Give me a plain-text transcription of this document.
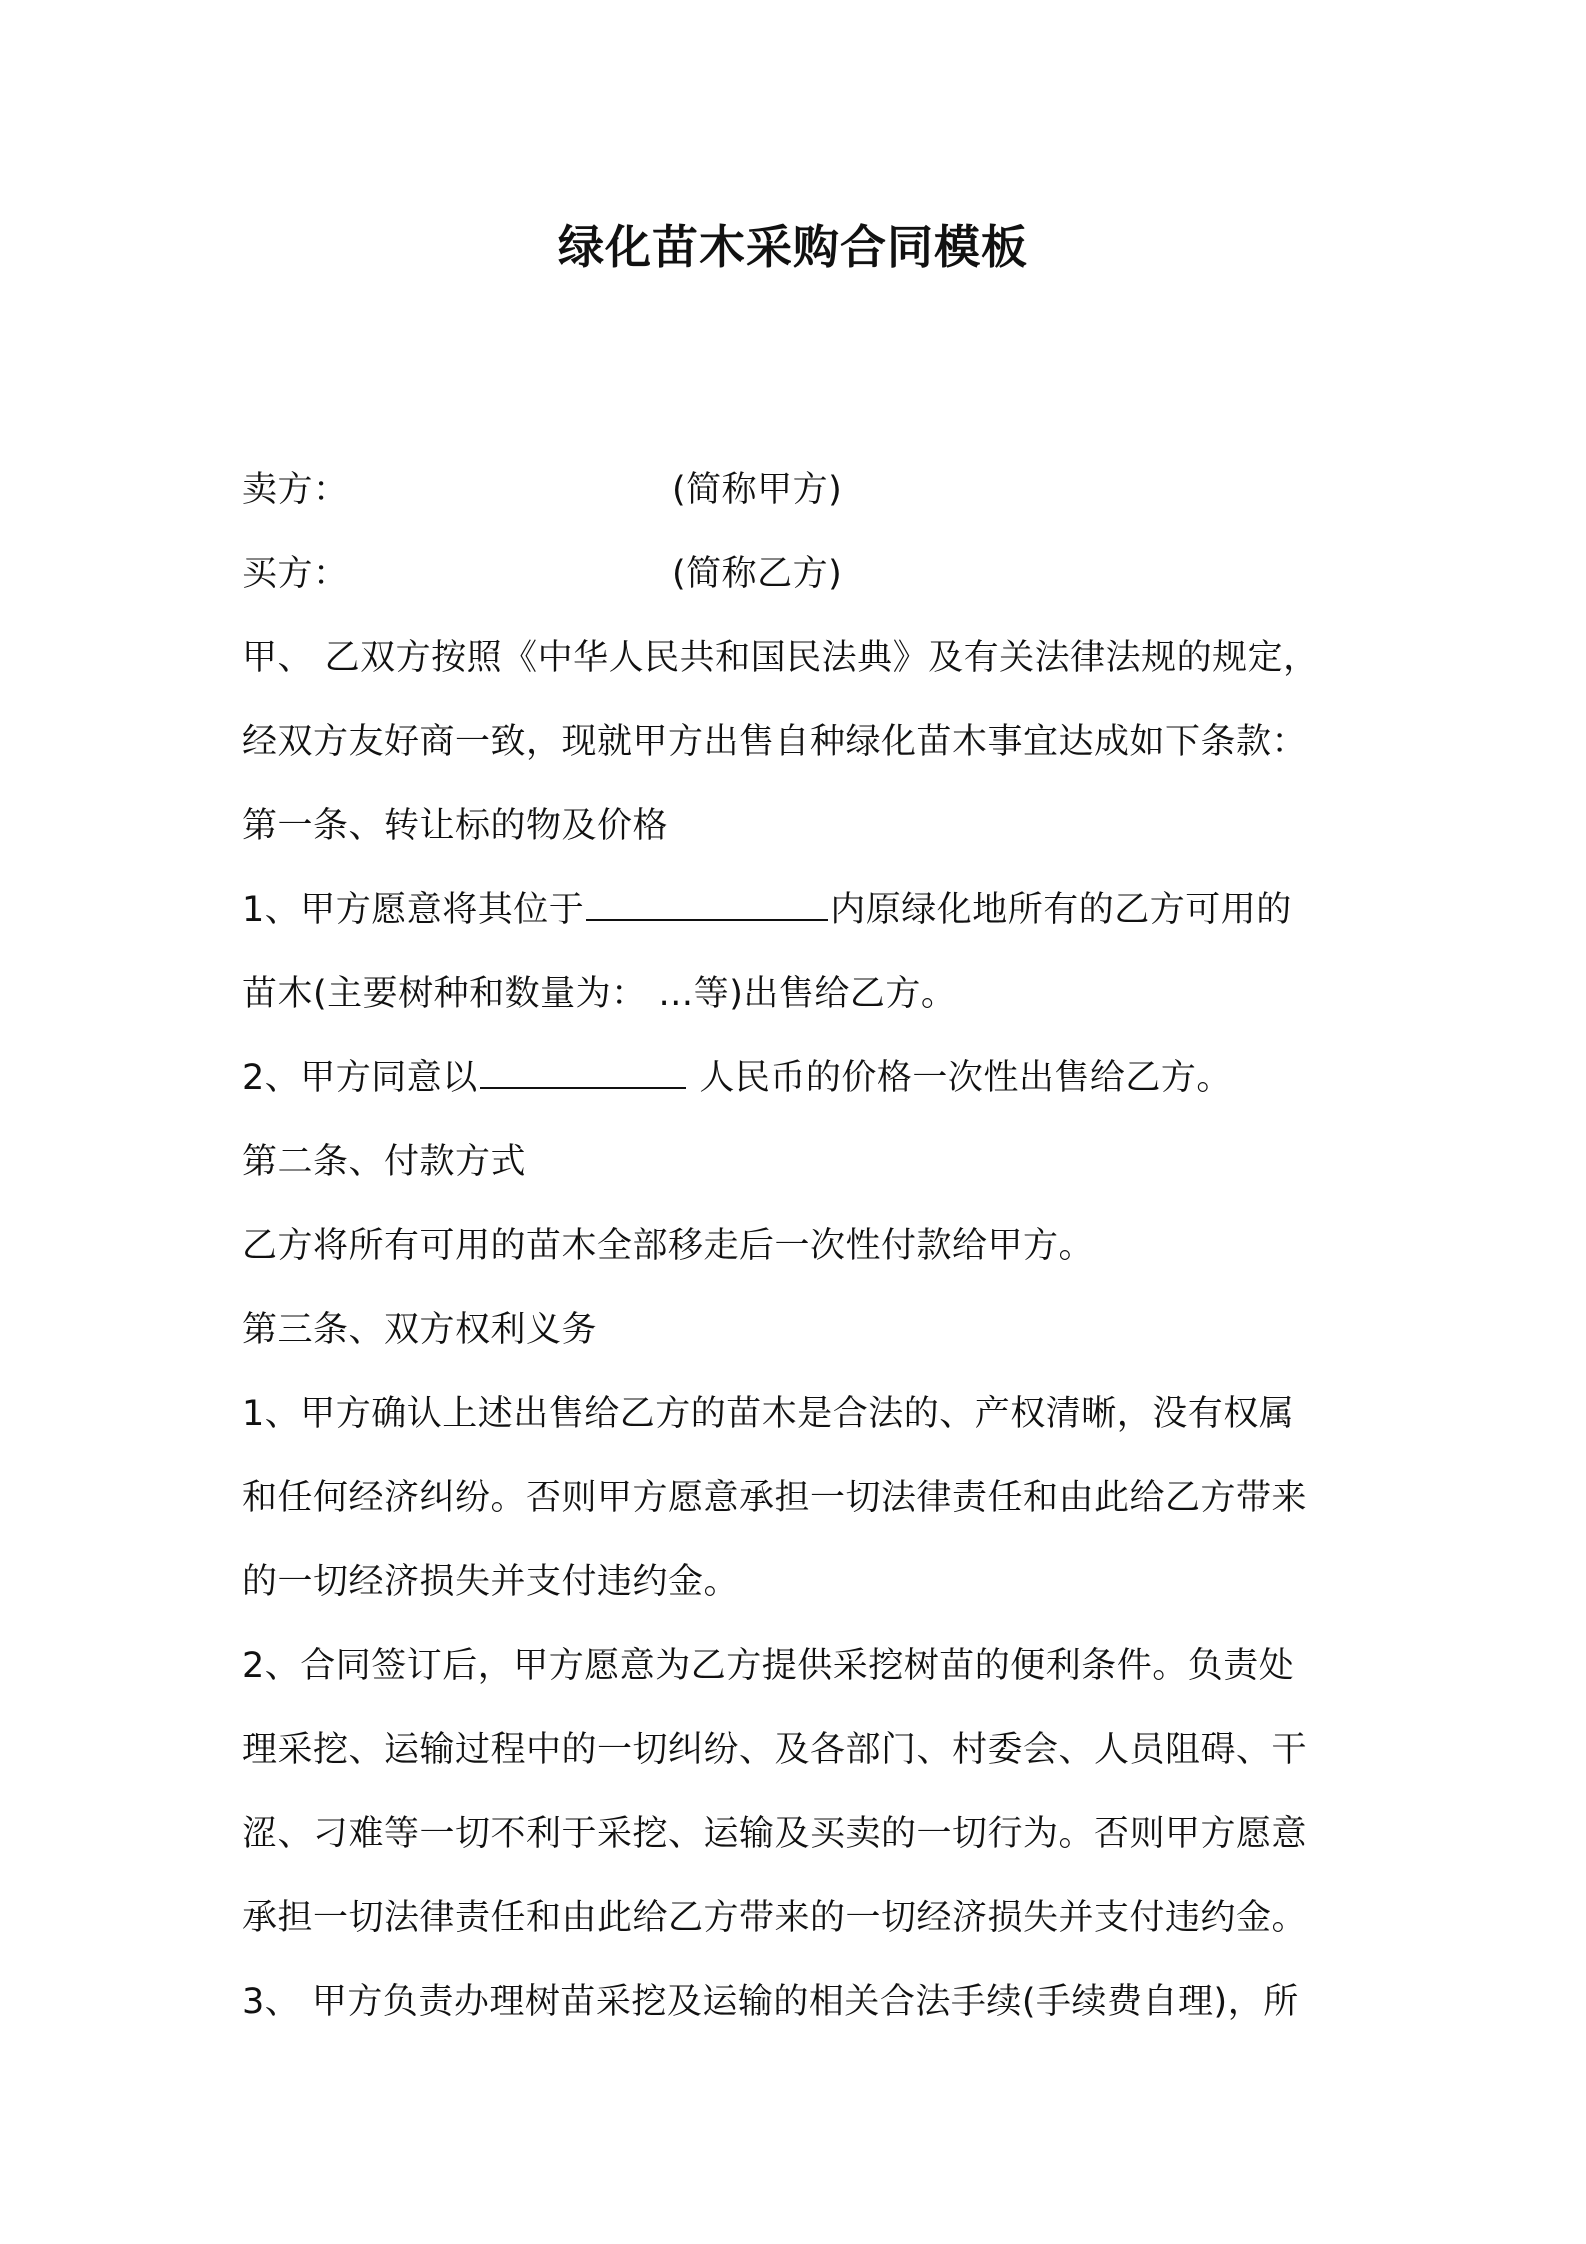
绿化苗木采购合同模板
卖方：	(简称甲方)
买方：	(简称乙方)
甲、 乙双方按照《中华人民共和国民法典》及有关法律法规的规定，
经双方友好商一致，现就甲方出售自种绿化苗木事宜达成如下条款：
第一条、转让标的物及价格
1、甲方愿意将其位于	内原绿化地所有的乙方可用的
苗木(主要树种和数量为： …等)出售给乙方。
2、甲方同意以	人民币的价格一次性出售给乙方。
第二条、付款方式
乙方将所有可用的苗木全部移走后一次性付款给甲方。
第三条、双方权利义务
1、甲方确认上述出售给乙方的苗木是合法的、产权清晰，没有权属
和任何经济纠纷。否则甲方愿意承担一切法律责任和由此给乙方带来
的一切经济损失并支付违约金。
2、合同签订后，甲方愿意为乙方提供采挖树苗的便利条件。负责处
理采挖、运输过程中的一切纠纷、及各部门、村委会、人员阻碍、干
涩、刁难等一切不利于采挖、运输及买卖的一切行为。否则甲方愿意
承担一切法律责任和由此给乙方带来的一切经济损失并支付违约金。
3、 甲方负责办理树苗采挖及运输的相关合法手续(手续费自理)，所
